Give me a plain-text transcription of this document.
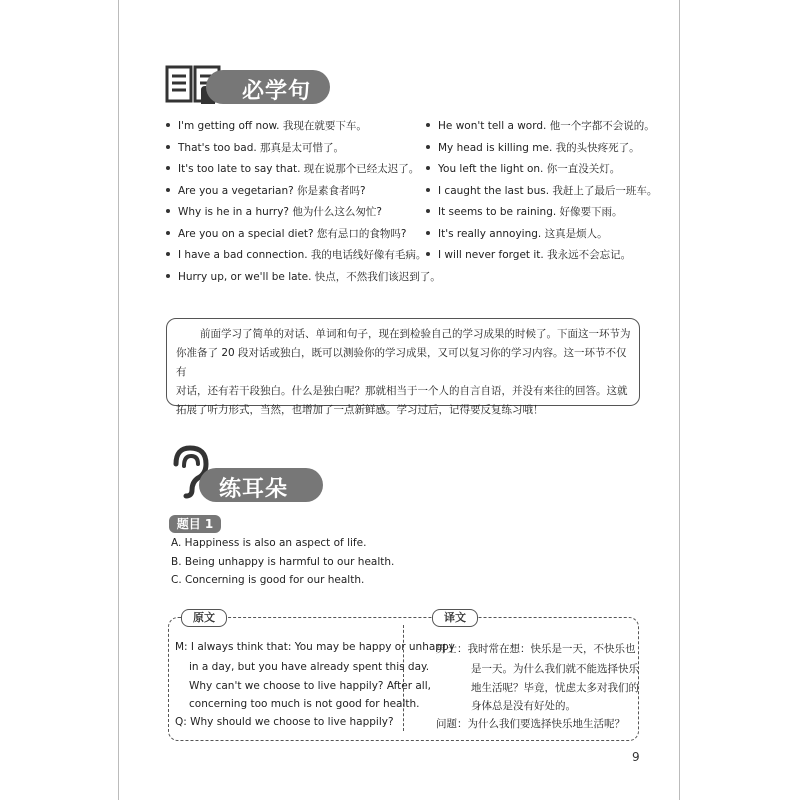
必学句
I'm getting off now. 我现在就要下车。
That's too bad. 那真是太可惜了。
It's too late to say that. 现在说那个已经太迟了。
Are you a vegetarian? 你是素食者吗?
Why is he in a hurry? 他为什么这么匆忙?
Are you on a special diet? 您有忌口的食物吗?
I have a bad connection. 我的电话线好像有毛病。
Hurry up, or we'll be late. 快点，不然我们该迟到了。
He won't tell a word. 他一个字都不会说的。
My head is killing me. 我的头快疼死了。
You left the light on. 你一直没关灯。
I caught the last bus. 我赶上了最后一班车。
It seems to be raining. 好像要下雨。
It's really annoying. 这真是烦人。
I will never forget it. 我永远不会忘记。
前面学习了简单的对话、单词和句子，现在到检验自己的学习成果的时候了。下面这一环节为
你准备了 20 段对话或独白，既可以测验你的学习成果，又可以复习你的学习内容。这一环节不仅有
对话，还有若干段独白。什么是独白呢？那就相当于一个人的自言自语，并没有来往的回答。这就
拓展了听力形式，当然，也增加了一点新鲜感。学习过后，记得要反复练习哦！
练耳朵
题目 1
A. Happiness is also an aspect of life.
B. Being unhappy is harmful to our health.
C. Concerning is good for our health.
原文	译文
M: I always think that: You may be happy or unhappy
in a day, but you have already spent this day.
Why can't we choose to live happily? After all,
concerning too much is not good for health.
Q: Why should we choose to live happily?
男士：我时常在想：快乐是一天，不快乐也
是一天。为什么我们就不能选择快乐
地生活呢？毕竟，忧虑太多对我们的
身体总是没有好处的。
问题：为什么我们要选择快乐地生活呢？
9
